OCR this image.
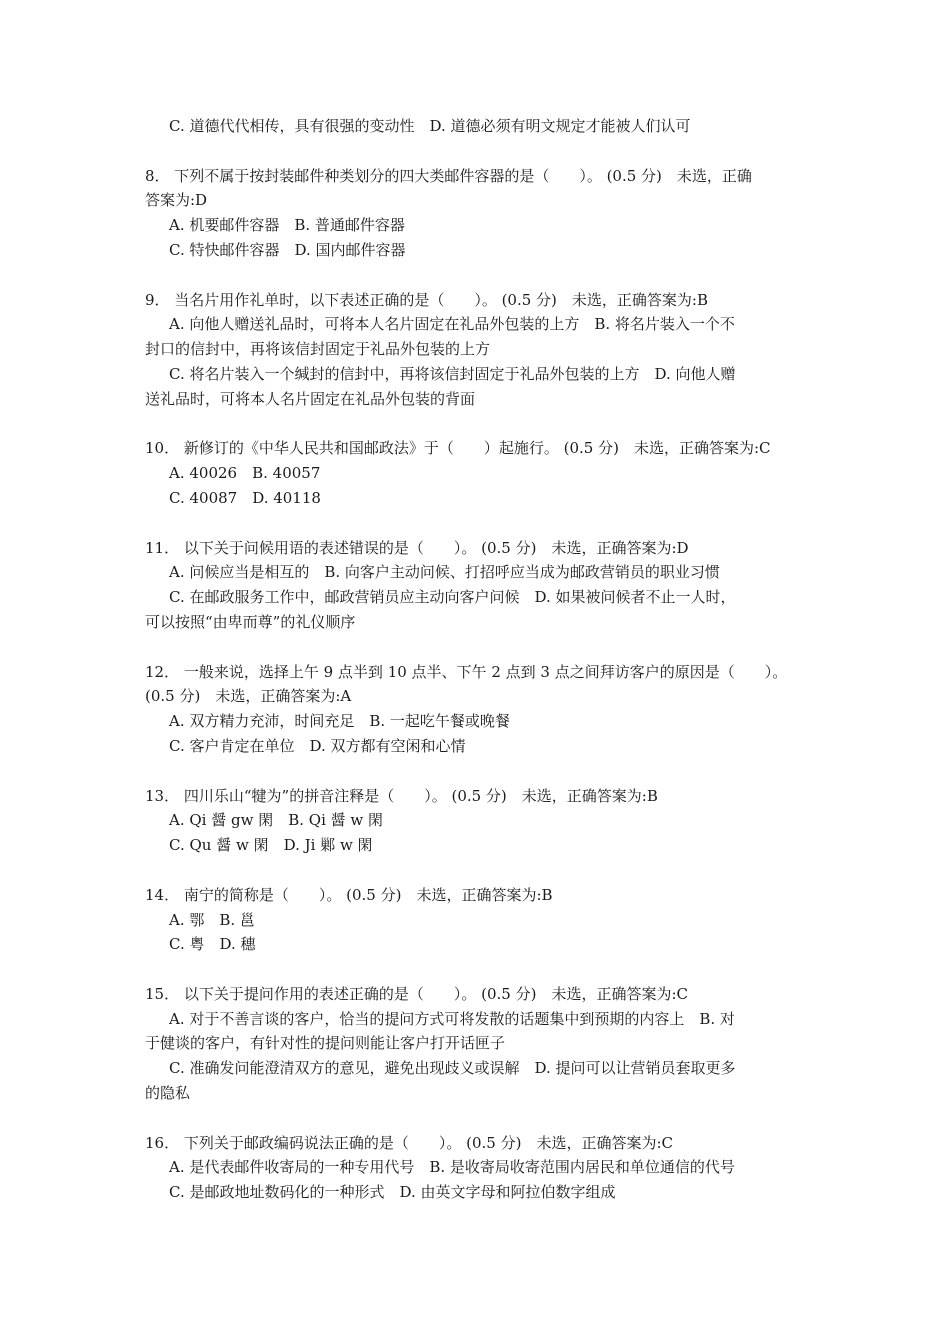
C. 道德代代相传，具有很强的变动性　D. 道德必须有明文规定才能被人们认可
8． 下列不属于按封装邮件种类划分的四大类邮件容器的是（　　）。 (0.5 分)　未选，正确
答案为:D
A. 机要邮件容器　B. 普通邮件容器
C. 特快邮件容器　D. 国内邮件容器
9． 当名片用作礼单时，以下表述正确的是（　　）。 (0.5 分)　未选，正确答案为:B
A. 向他人赠送礼品时，可将本人名片固定在礼品外包装的上方　B. 将名片装入一个不
封口的信封中，再将该信封固定于礼品外包装的上方
C. 将名片装入一个缄封的信封中，再将该信封固定于礼品外包装的上方　D. 向他人赠
送礼品时，可将本人名片固定在礼品外包装的背面
10． 新修订的《中华人民共和国邮政法》于（　　）起施行。 (0.5 分)　未选，正确答案为:C
A. 40026　B. 40057
C. 40087　D. 40118
11． 以下关于问候用语的表述错误的是（　　）。 (0.5 分)　未选，正确答案为:D
A. 问候应当是相互的　B. 向客户主动问候、打招呼应当成为邮政营销员的职业习惯
C. 在邮政服务工作中，邮政营销员应主动向客户问候　D. 如果被问候者不止一人时，
可以按照“由卑而尊”的礼仪顺序
12． 一般来说，选择上午 9 点半到 10 点半、下午 2 点到 3 点之间拜访客户的原因是（　　）。
(0.5 分)　未选，正确答案为:A
A. 双方精力充沛，时间充足　B. 一起吃午餐或晚餐
C. 客户肯定在单位　D. 双方都有空闲和心情
13． 四川乐山“犍为”的拼音注释是（　　）。 (0.5 分)　未选，正确答案为:B
A. Qi 醤 gw 閑　B. Qi 醤 w 閑
C. Qu 醤 w 閑　D. Ji 鄛 w 閑
14． 南宁的简称是（　　）。 (0.5 分)　未选，正确答案为:B
A. 鄂　B. 邕
C. 粤　D. 穗
15． 以下关于提问作用的表述正确的是（　　）。 (0.5 分)　未选，正确答案为:C
A. 对于不善言谈的客户，恰当的提问方式可将发散的话题集中到预期的内容上　B. 对
于健谈的客户，有针对性的提问则能让客户打开话匣子
C. 准确发问能澄清双方的意见，避免出现歧义或误解　D. 提问可以让营销员套取更多
的隐私
16． 下列关于邮政编码说法正确的是（　　）。 (0.5 分)　未选，正确答案为:C
A. 是代表邮件收寄局的一种专用代号　B. 是收寄局收寄范围内居民和单位通信的代号
C. 是邮政地址数码化的一种形式　D. 由英文字母和阿拉伯数字组成
